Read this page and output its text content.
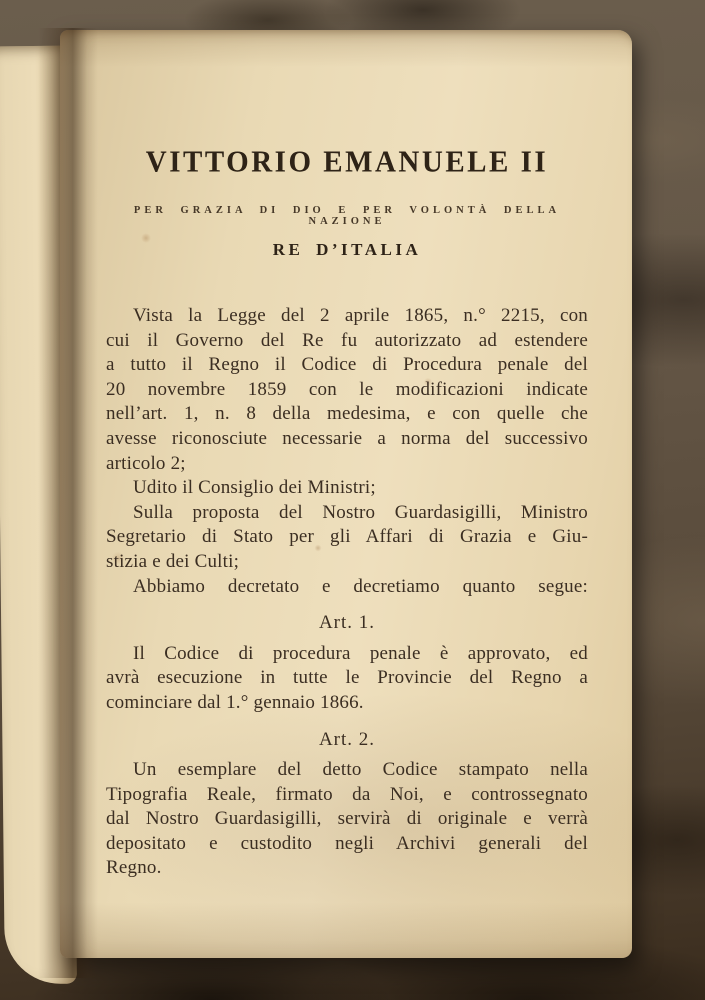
VITTORIO EMANUELE II
PER GRAZIA DI DIO E PER VOLONTÀ DELLA NAZIONE
RE D’ITALIA
Vista la Legge del 2 aprile 1865, n.° 2215, con
cui il Governo del Re fu autorizzato ad estendere
a tutto il Regno il Codice di Procedura penale del
20 novembre 1859 con le modificazioni indicate
nell’art. 1, n. 8 della medesima, e con quelle che
avesse riconosciute necessarie a norma del successivo
articolo 2;
Udito il Consiglio dei Ministri;
Sulla proposta del Nostro Guardasigilli, Ministro
Segretario di Stato per gli Affari di Grazia e Giu-
stizia e dei Culti;
Abbiamo decretato e decretiamo quanto segue:
Art. 1.
Il Codice di procedura penale è approvato, ed
avrà esecuzione in tutte le Provincie del Regno a
cominciare dal 1.° gennaio 1866.
Art. 2.
Un esemplare del detto Codice stampato nella
Tipografia Reale, firmato da Noi, e controssegnato
dal Nostro Guardasigilli, servirà di originale e verrà
depositato e custodito negli Archivi generali del
Regno.
